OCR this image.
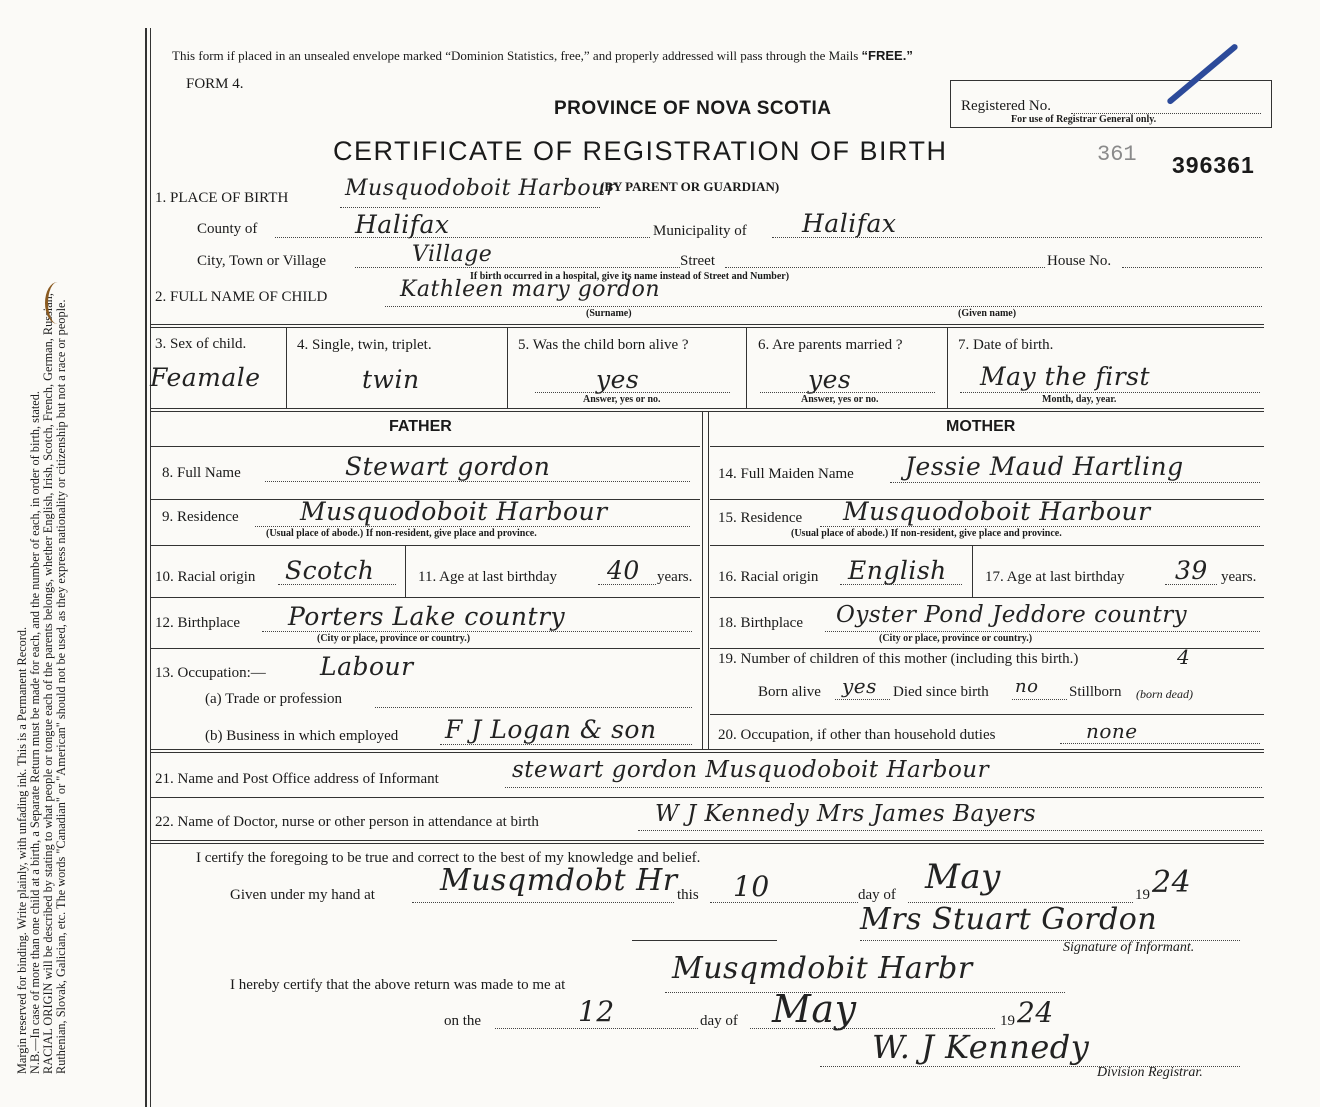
Margin reserved for binding. Write plainly, with unfading ink. This is a Permanent Record. N.B.—In case of more than one child at a birth, a Separate Return must be made for each, and the number of each, in order of birth, stated. RACIAL ORIGIN will be described by stating to what people or tongue each of the parents belongs, whether English, Irish, Scotch, French, German, Russian, Ruthenian, Slovak, Galician, etc. The words "Canadian" or "American" should not be used, as they express nationality or citizenship but not a race or people.
This form if placed in an unsealed envelope marked “Dominion Statistics, free,” and properly addressed will pass through the Mails “FREE.”
FORM 4.
PROVINCE OF NOVA SCOTIA
CERTIFICATE OF REGISTRATION OF BIRTH
Registered No.
For use of Registrar General only.
361 396361
1. PLACE OF BIRTH	Musquodoboit Harbour
(BY PARENT OR GUARDIAN)
County of	Halifax	Municipality of Halifax
City, Town or Village	Village	Street	House No.
If birth occurred in a hospital, give its name instead of Street and Number)
2. FULL NAME OF CHILD	Kathleen mary gordon
(Surname)	(Given name)
3. Sex of child.
Feamale
4. Single, twin, triplet.
twin
5. Was the child born alive ?
yes
Answer, yes or no.
6. Are parents married ?
yes
Answer, yes or no.
7. Date of birth.
May the first
Month, day, year.
FATHER
8. Full Name	Stewart gordon
9. Residence Musquodoboit Harbour
(Usual place of abode.) If non-resident, give place and province.
10. Racial origin Scotch	11. Age at last birthday 40 years.
12. Birthplace Porters Lake country
(City or place, province or country.)
13. Occupation:— Labour
(a) Trade or profession
(b) Business in which employed F J Logan & son
MOTHER
14. Full Maiden Name Jessie Maud Hartling
15. Residence Musquodoboit Harbour
(Usual place of abode.) If non-resident, give place and province.
16. Racial origin English	17. Age at last birthday 39 years.
18. Birthplace Oyster Pond Jeddore country
(City or place, province or country.)
19. Number of children of this mother (including this birth.)	4
Born alive yes Died since birth no Stillborn (born dead)
20. Occupation, if other than household duties	none
21. Name and Post Office address of Informant	stewart gordon Musquodoboit Harbour
22. Name of Doctor, nurse or other person in attendance at birth	W J Kennedy Mrs James Bayers
I certify the foregoing to be true and correct to the best of my knowledge and belief.
Given under my hand at Musqmdobt Hr this 10	day of May	19 24
Mrs Stuart Gordon
Signature of Informant.
I hereby certify that the above return was made to me at	Musqmdobit Harbr
on the	12	day of May	19 24
W. J Kennedy
Division Registrar.
